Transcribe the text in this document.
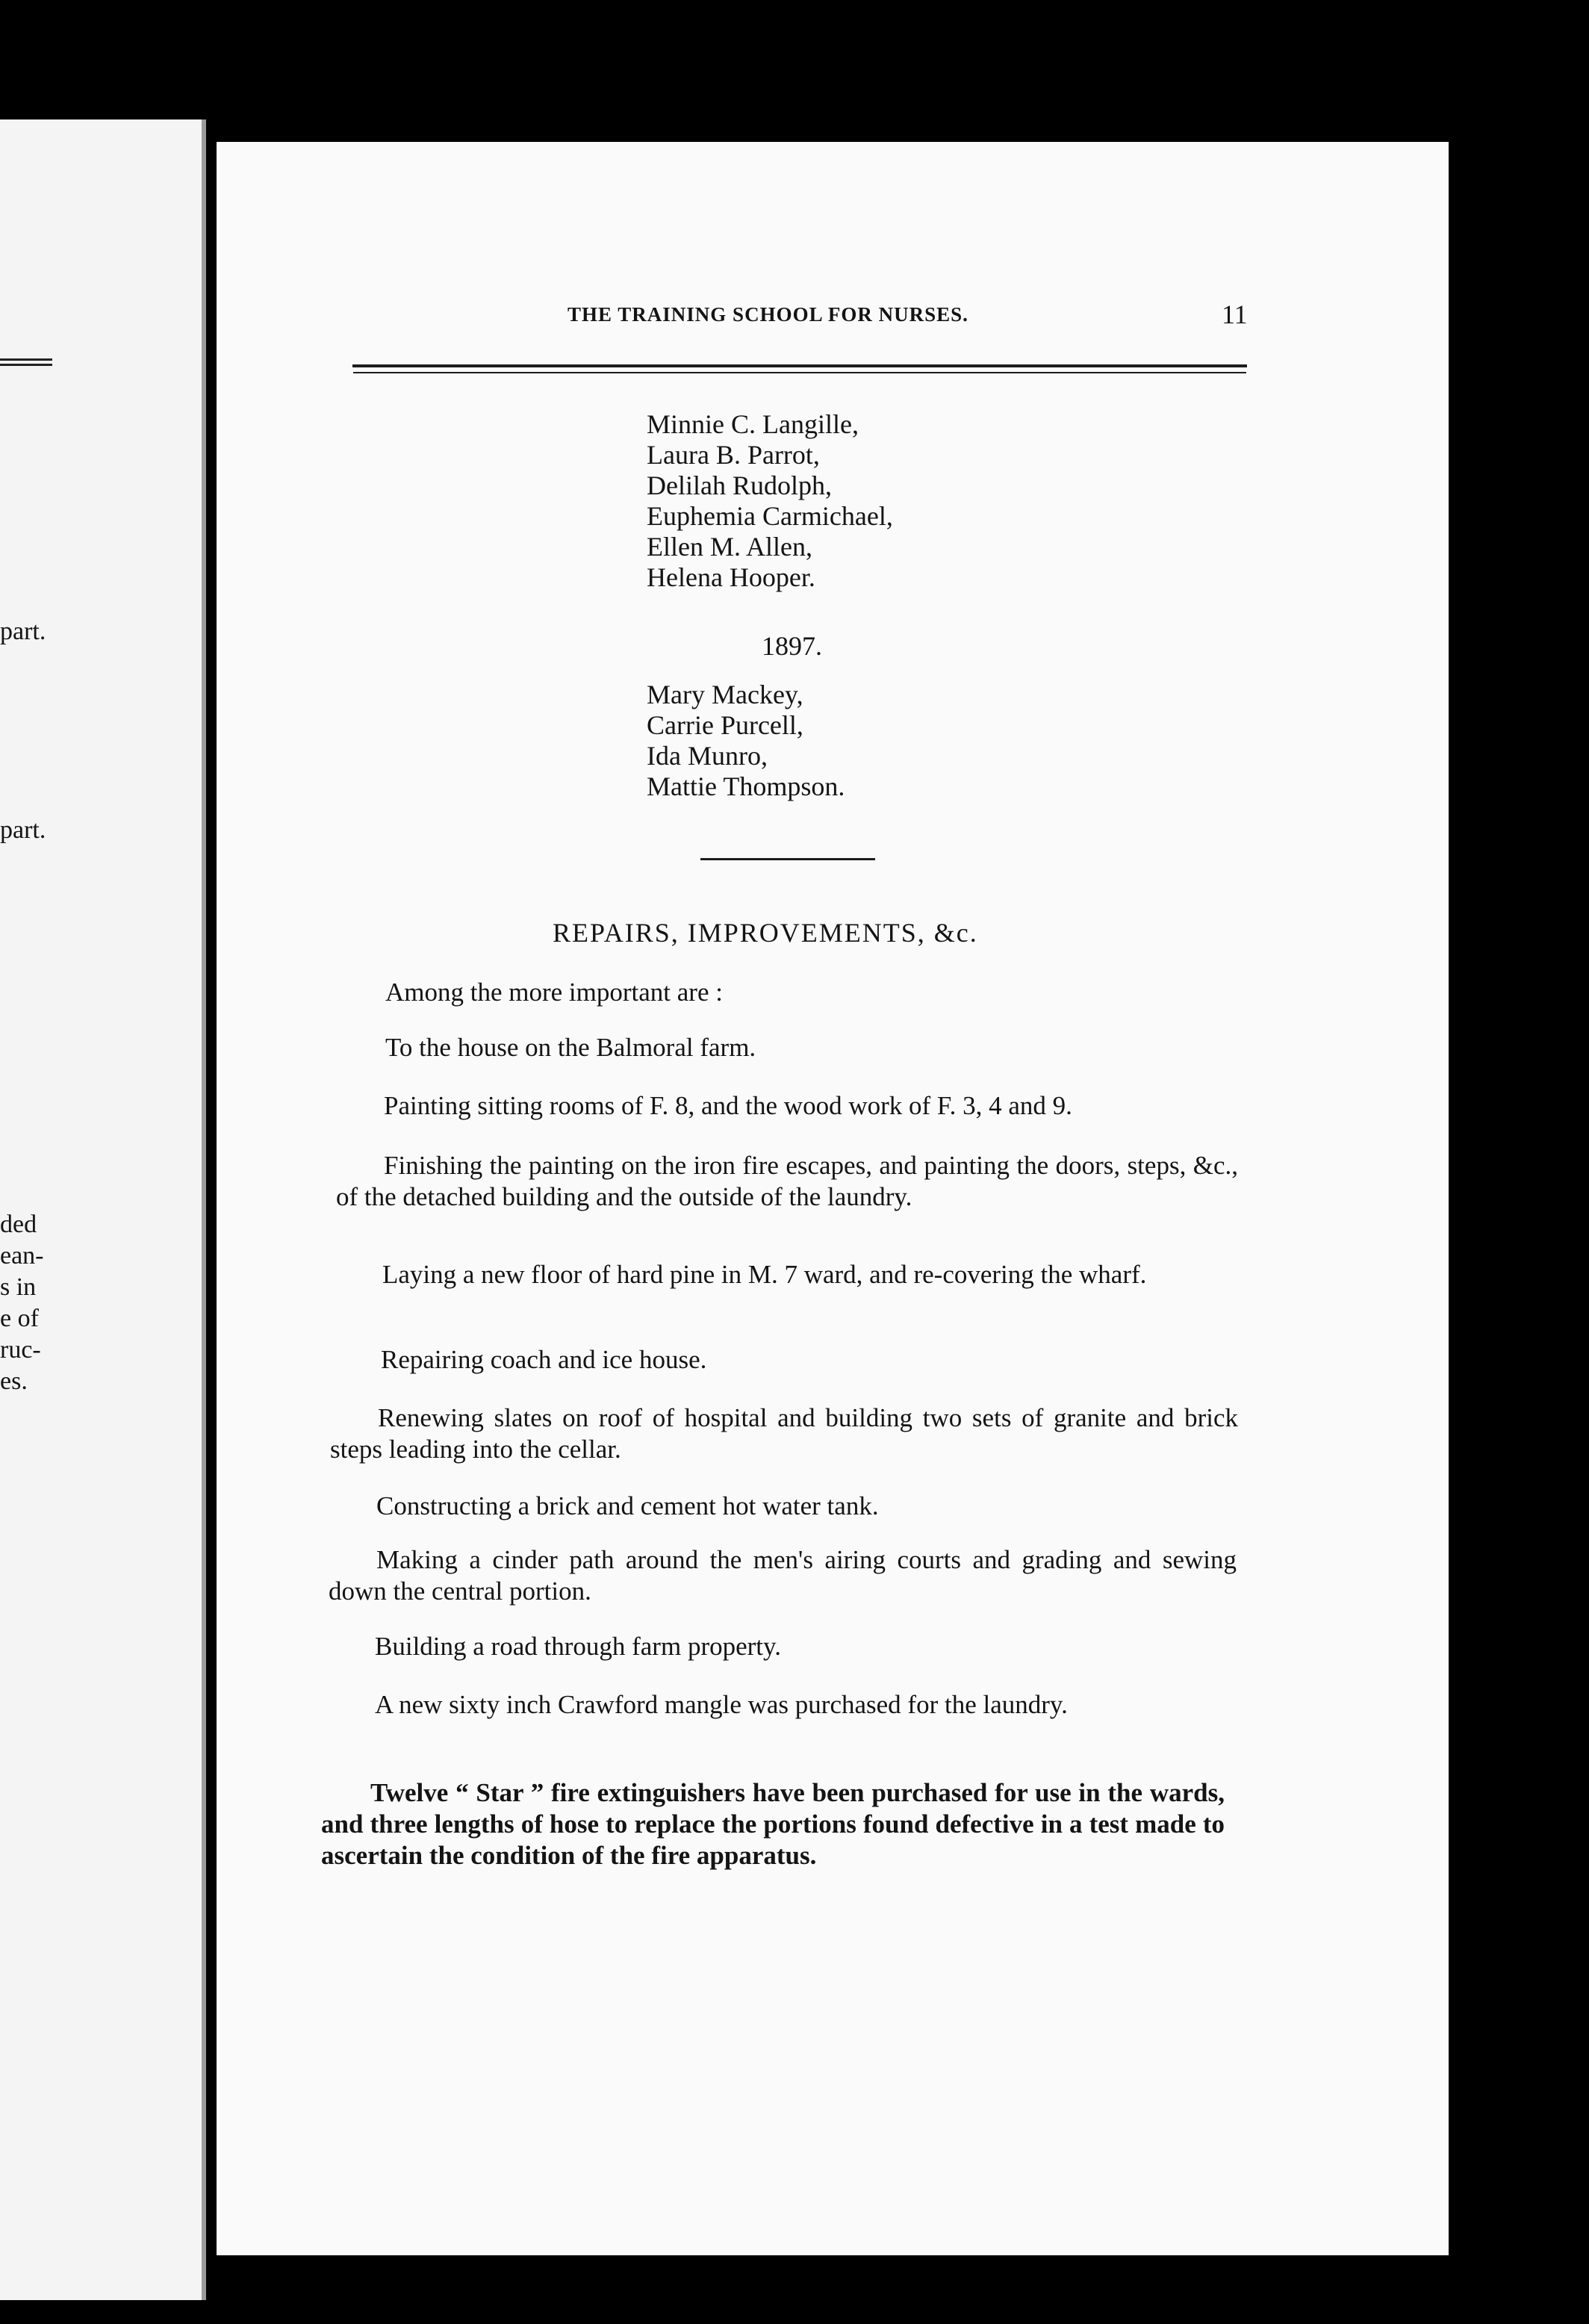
part.
part.
ded
ean-
s in
e of
ruc-
es.
THE TRAINING SCHOOL FOR NURSES.	11
Minnie C. Langille,
Laura B. Parrot,
Delilah Rudolph,
Euphemia Carmichael,
Ellen M. Allen,
Helena Hooper.
1897.
Mary Mackey,
Carrie Purcell,
Ida Munro,
Mattie Thompson.
REPAIRS, IMPROVEMENTS, &c.
Among the more important are :
To the house on the Balmoral farm.
Painting sitting rooms of F. 8, and the wood work of F. 3, 4 and 9.
Finishing the painting on the iron fire escapes, and painting the doors, steps, &c., of the detached building and the outside of the laundry.
Laying a new floor of hard pine in M. 7 ward, and re-covering the wharf.
Repairing coach and ice house.
Renewing slates on roof of hospital and building two sets of granite and brick steps leading into the cellar.
Constructing a brick and cement hot water tank.
Making a cinder path around the men's airing courts and grading and sewing down the central portion.
Building a road through farm property.
A new sixty inch Crawford mangle was purchased for the laundry.
Twelve “ Star ” fire extinguishers have been purchased for use in the wards, and three lengths of hose to replace the portions found defective in a test made to ascertain the condition of the fire apparatus.
